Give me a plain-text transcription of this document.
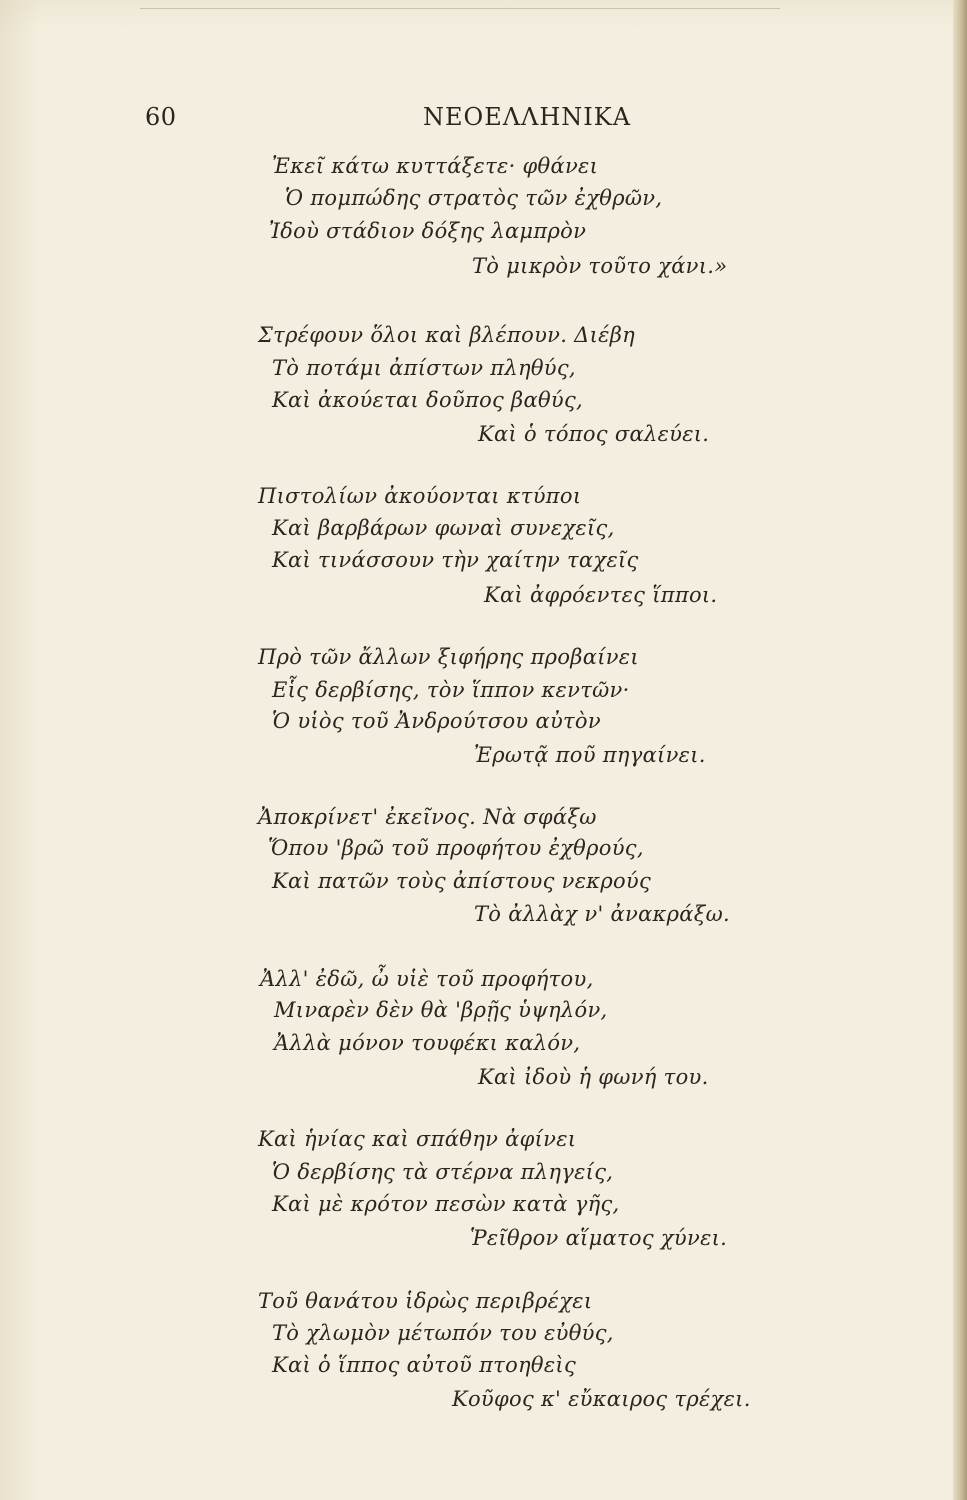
60	ΝΕΟΕΛΛΗΝΙΚΑ
Ἐκεῖ κάτω κυττάξετε· φθάνει
Ὁ πομπώδης στρατὸς τῶν ἐχθρῶν,
Ἰδοὺ στάδιον δόξης λαμπρὸν
Τὸ μικρὸν τοῦτο χάνι.»
Στρέφουν ὅλοι καὶ βλέπουν. Διέβη
Τὸ ποτάμι ἀπίστων πληθύς,
Καὶ ἀκούεται δοῦπος βαθύς,
Καὶ ὁ τόπος σαλεύει.
Πιστολίων ἀκούονται κτύποι
Καὶ βαρβάρων φωναὶ συνεχεῖς,
Καὶ τινάσσουν τὴν χαίτην ταχεῖς
Καὶ ἀφρόεντες ἵπποι.
Πρὸ τῶν ἄλλων ξιφήρης προβαίνει
Εἷς δερβίσης, τὸν ἵππον κεντῶν·
Ὁ υἱὸς τοῦ Ἀνδρούτσου αὐτὸν
Ἐρωτᾷ ποῦ πηγαίνει.
Ἀποκρίνετ' ἐκεῖνος. Νὰ σφάξω
Ὅπου 'βρῶ τοῦ προφήτου ἐχθρούς,
Καὶ πατῶν τοὺς ἀπίστους νεκρούς
Τὸ ἀλλὰχ ν' ἀνακράξω.
Ἀλλ' ἐδῶ, ὦ υἱὲ τοῦ προφήτου,
Μιναρὲν δὲν θὰ 'βρῇς ὑψηλόν,
Ἀλλὰ μόνον τουφέκι καλόν,
Καὶ ἰδοὺ ἡ φωνή του.
Καὶ ἡνίας καὶ σπάθην ἀφίνει
Ὁ δερβίσης τὰ στέρνα πληγείς,
Καὶ μὲ κρότον πεσὼν κατὰ γῆς,
Ῥεῖθρον αἵματος χύνει.
Τοῦ θανάτου ἱδρὼς περιβρέχει
Τὸ χλωμὸν μέτωπόν του εὐθύς,
Καὶ ὁ ἵππος αὐτοῦ πτοηθεὶς
Κοῦφος κ' εὔκαιρος τρέχει.
